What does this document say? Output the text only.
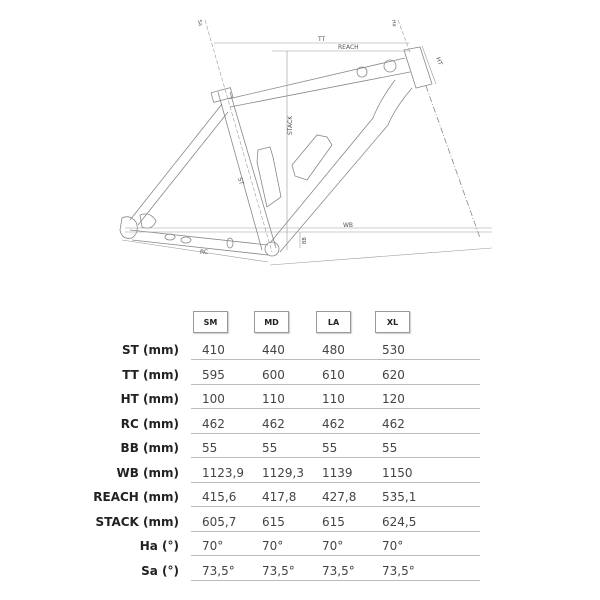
TT
REACH
STACK
HT
ST
WB
BB
RC
Sa	Ha
SM	MD	LA	XL
ST (mm) 410	440	480	530
TT (mm) 595	600	610	620
HT (mm) 100	110	110	120
RC (mm) 462	462	462	462
BB (mm) 55	55	55	55
WB (mm) 1123,9 1129,3 1139 1150
REACH (mm) 415,6 417,8 427,8 535,1
STACK (mm) 605,7 615	615	624,5
Ha (°) 70°	70°	70°	70°
Sa (°) 73,5° 73,5° 73,5° 73,5°
